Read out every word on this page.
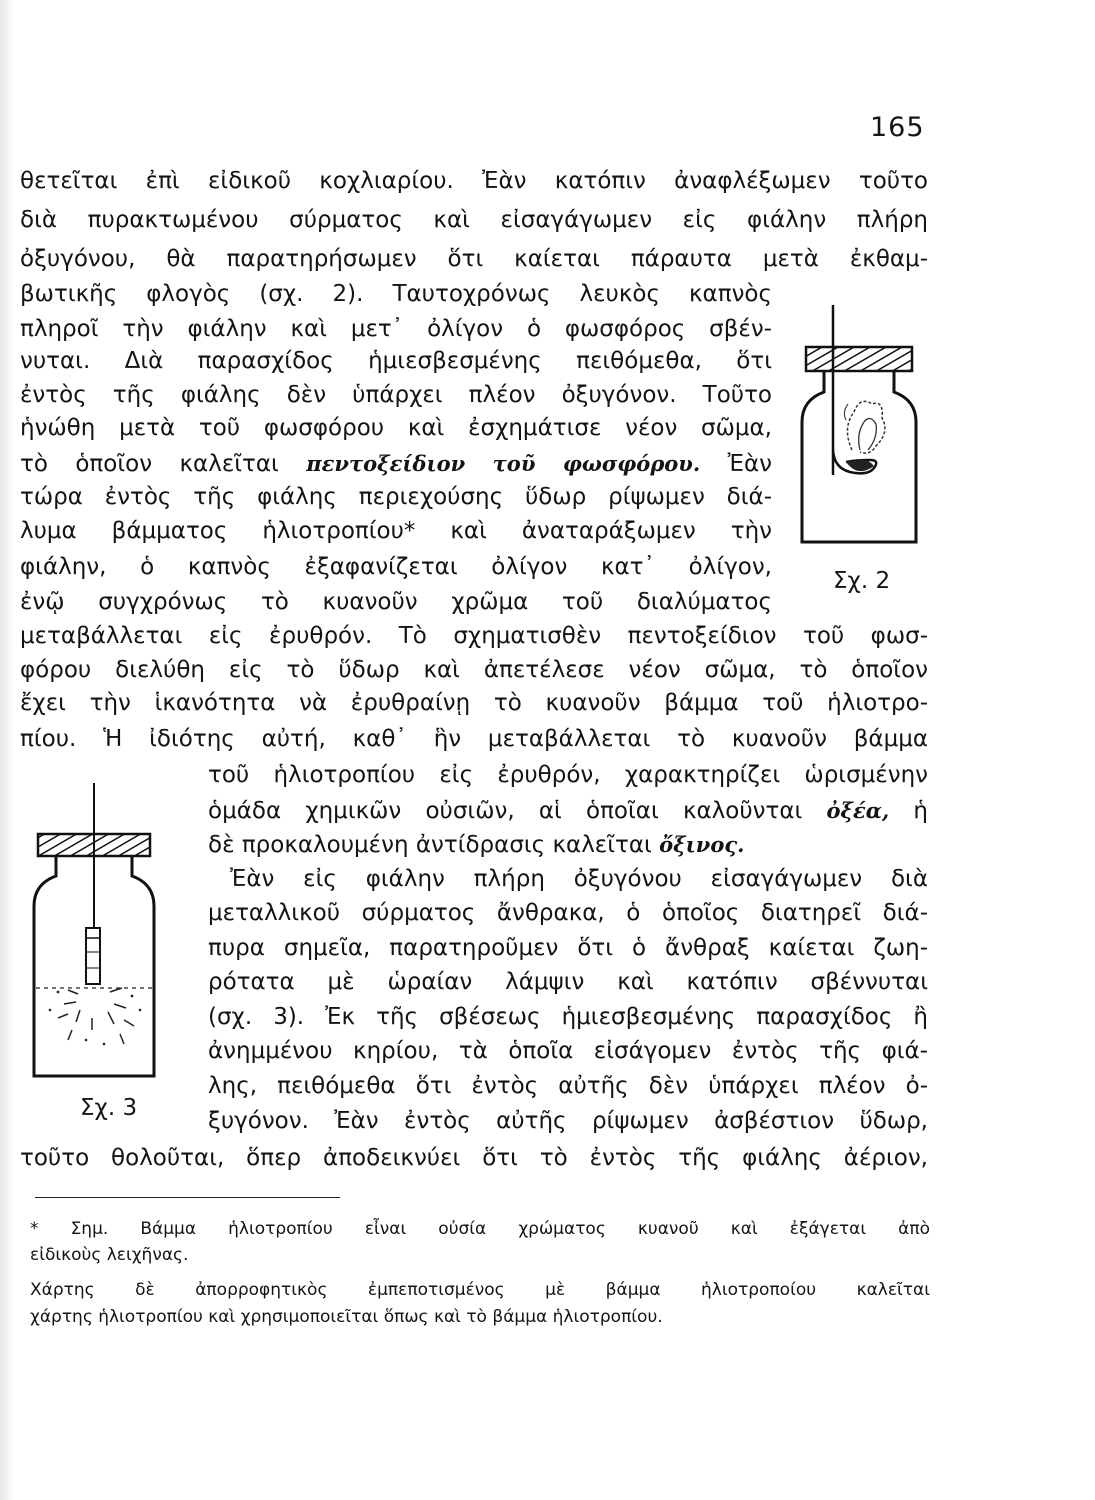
165
θετεῖται ἐπὶ εἰδικοῦ κοχλιαρίου. Ἐὰν κατόπιν ἀναφλέξωμεν τοῦτο
διὰ πυρακτωμένου σύρματος καὶ εἰσαγάγωμεν εἰς φιάλην πλήρη
ὀξυγόνου, θὰ παρατηρήσωμεν ὅτι καίεται πάραυτα μετὰ ἐκθαμ-
βωτικῆς φλογὸς (σχ. 2). Ταυτοχρόνως λευκὸς καπνὸς
πληροῖ τὴν φιάλην καὶ μετ᾽ ὀλίγον ὁ φωσφόρος σβέν-
νυται. Διὰ παρασχίδος ἡμιεσβεσμένης πειθόμεθα, ὅτι
ἐντὸς τῆς φιάλης δὲν ὑπάρχει πλέον ὀξυγόνον. Τοῦτο
ἡνώθη μετὰ τοῦ φωσφόρου καὶ ἐσχημάτισε νέον σῶμα,
τὸ ὁποῖον καλεῖται πεντοξείδιον τοῦ φωσφόρου. Ἐὰν
τώρα ἐντὸς τῆς φιάλης περιεχούσης ὕδωρ ρίψωμεν διά-
λυμα βάμματος ἡλιοτροπίου* καὶ ἀναταράξωμεν τὴν
φιάλην, ὁ καπνὸς ἐξαφανίζεται ὀλίγον κατ᾽ ὀλίγον,
ἐνῷ συγχρόνως τὸ κυανοῦν χρῶμα τοῦ διαλύματος
μεταβάλλεται εἰς ἐρυθρόν. Τὸ σχηματισθὲν πεντοξείδιον τοῦ φωσ-
φόρου διελύθη εἰς τὸ ὕδωρ καὶ ἀπετέλεσε νέον σῶμα, τὸ ὁποῖον
ἔχει τὴν ἱκανότητα νὰ ἐρυθραίνῃ τὸ κυανοῦν βάμμα τοῦ ἡλιοτρο-
πίου. Ἡ ἰδιότης αὐτή, καθ᾽ ἣν μεταβάλλεται τὸ κυανοῦν βάμμα
τοῦ ἡλιοτροπίου εἰς ἐρυθρόν, χαρακτηρίζει ὡρισμένην
ὁμάδα χημικῶν οὐσιῶν, αἱ ὁποῖαι καλοῦνται ὀξέα, ἡ
δὲ προκαλουμένη ἀντίδρασις καλεῖται ὄξινος.
Ἐὰν εἰς φιάλην πλήρη ὀξυγόνου εἰσαγάγωμεν διὰ
μεταλλικοῦ σύρματος ἄνθρακα, ὁ ὁποῖος διατηρεῖ διά-
πυρα σημεῖα, παρατηροῦμεν ὅτι ὁ ἄνθραξ καίεται ζωη-
ρότατα μὲ ὡραίαν λάμψιν καὶ κατόπιν σβέννυται
(σχ. 3). Ἐκ τῆς σβέσεως ἡμιεσβεσμένης παρασχίδος ἢ
ἀνημμένου κηρίου, τὰ ὁποῖα εἰσάγομεν ἐντὸς τῆς φιά-
λης, πειθόμεθα ὅτι ἐντὸς αὐτῆς δὲν ὑπάρχει πλέον ὀ-
ξυγόνον. Ἐὰν ἐντὸς αὐτῆς ρίψωμεν ἀσβέστιον ὕδωρ,
τοῦτο θολοῦται, ὅπερ ἀποδεικνύει ὅτι τὸ ἐντὸς τῆς φιάλης ἀέριον,
Σχ. 2
Σχ. 3
* Σημ. Βάμμα ἡλιοτροπίου εἶναι οὐσία χρώματος κυανοῦ καὶ ἐξάγεται ἀπὸ
εἰδικοὺς λειχῆνας.
Χάρτης δὲ ἀπορροφητικὸς ἐμπεποτισμένος μὲ βάμμα ἡλιοτροποίου καλεῖται
χάρτης ἡλιοτροπίου καὶ χρησιμοποιεῖται ὅπως καὶ τὸ βάμμα ἡλιοτροπίου.
